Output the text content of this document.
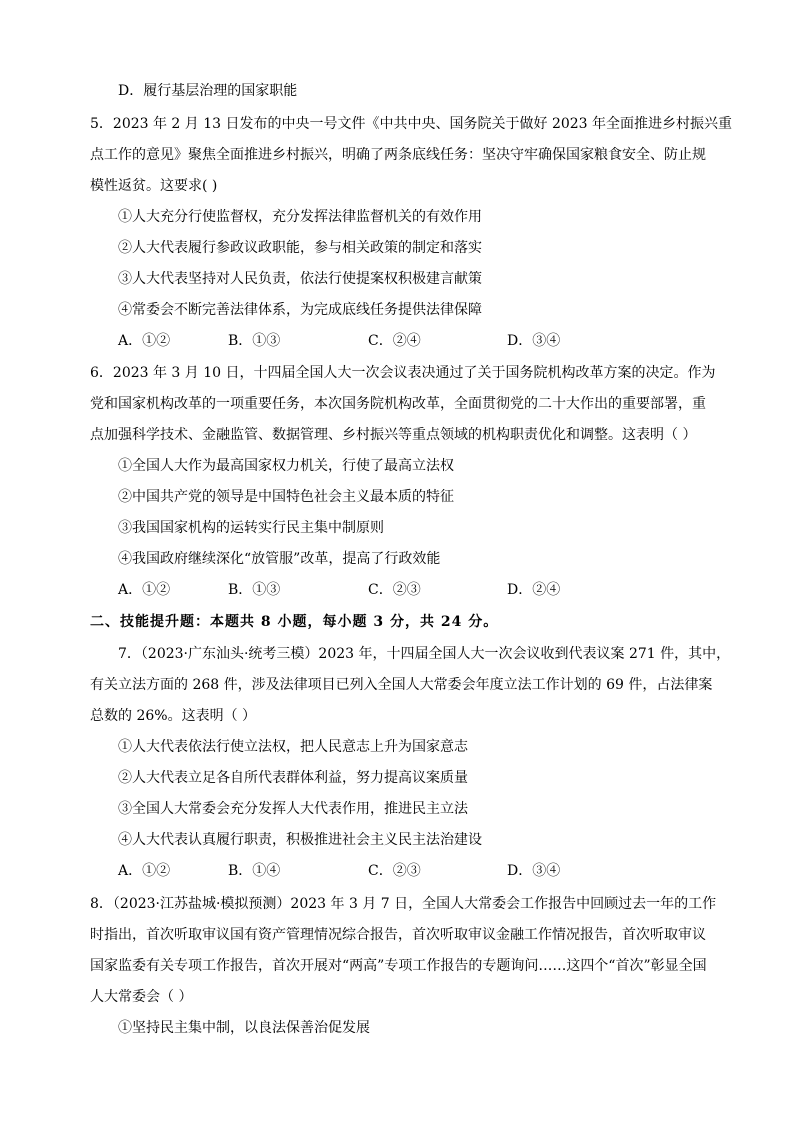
D．履行基层治理的国家职能
5．2023 年 2 月 13 日发布的中央一号文件《中共中央、国务院关于做好 2023 年全面推进乡村振兴重
点工作的意见》聚焦全面推进乡村振兴，明确了两条底线任务：坚决守牢确保国家粮食安全、防止规
模性返贫。这要求( )
①人大充分行使监督权，充分发挥法律监督机关的有效作用
②人大代表履行参政议政职能，参与相关政策的制定和落实
③人大代表坚持对人民负责，依法行使提案权积极建言献策
④常委会不断完善法律体系，为完成底线任务提供法律保障
A．①②	B．①③	C．②④	D．③④
6．2023 年 3 月 10 日，十四届全国人大一次会议表决通过了关于国务院机构改革方案的决定。作为
党和国家机构改革的一项重要任务，本次国务院机构改革，全面贯彻党的二十大作出的重要部署，重
点加强科学技术、金融监管、数据管理、乡村振兴等重点领域的机构职责优化和调整。这表明（ ）
①全国人大作为最高国家权力机关，行使了最高立法权
②中国共产党的领导是中国特色社会主义最本质的特征
③我国国家机构的运转实行民主集中制原则
④我国政府继续深化“放管服”改革，提高了行政效能
A．①②	B．①③	C．②③	D．②④
二、技能提升题：本题共 8 小题，每小题 3 分，共 24 分。
7．（2023·广东汕头·统考三模）2023 年，十四届全国人大一次会议收到代表议案 271 件，其中，
有关立法方面的 268 件，涉及法律项目已列入全国人大常委会年度立法工作计划的 69 件，占法律案
总数的 26%。这表明（ ）
①人大代表依法行使立法权，把人民意志上升为国家意志
②人大代表立足各自所代表群体利益，努力提高议案质量
③全国人大常委会充分发挥人大代表作用，推进民主立法
④人大代表认真履行职责，积极推进社会主义民主法治建设
A．①②	B．①④	C．②③	D．③④
8．（2023·江苏盐城·模拟预测）2023 年 3 月 7 日，全国人大常委会工作报告中回顾过去一年的工作
时指出，首次听取审议国有资产管理情况综合报告，首次听取审议金融工作情况报告，首次听取审议
国家监委有关专项工作报告，首次开展对“两高”专项工作报告的专题询问……这四个“首次”彰显全国
人大常委会（ ）
①坚持民主集中制，以良法保善治促发展
